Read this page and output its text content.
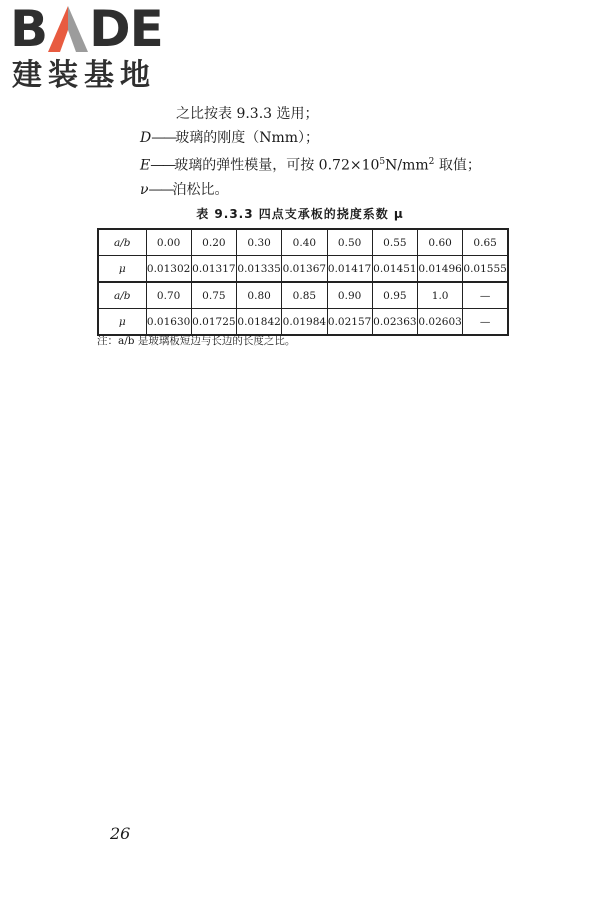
B DE
建装基地
之比按表 9.3.3 选用；
D——玻璃的刚度（Nmm）；
E——玻璃的弹性模量，可按 $0.72\times 10^5N/mm^2$ 取值；
ν——泊松比。
表 9.3.3 四点支承板的挠度系数 μ
a/b	0.00	0.20	0.30	0.40	0.50	0.55	0.60	0.65
μ	0.01302	0.01317	0.01335	0.01367	0.01417	0.01451	0.01496	0.01555
a/b	0.70	0.75	0.80	0.85	0.90	0.95	1.0	—
μ	0.01630	0.01725	0.01842	0.01984	0.02157	0.02363	0.02603	—
注：a/b 是玻璃板短边与长边的长度之比。
26
